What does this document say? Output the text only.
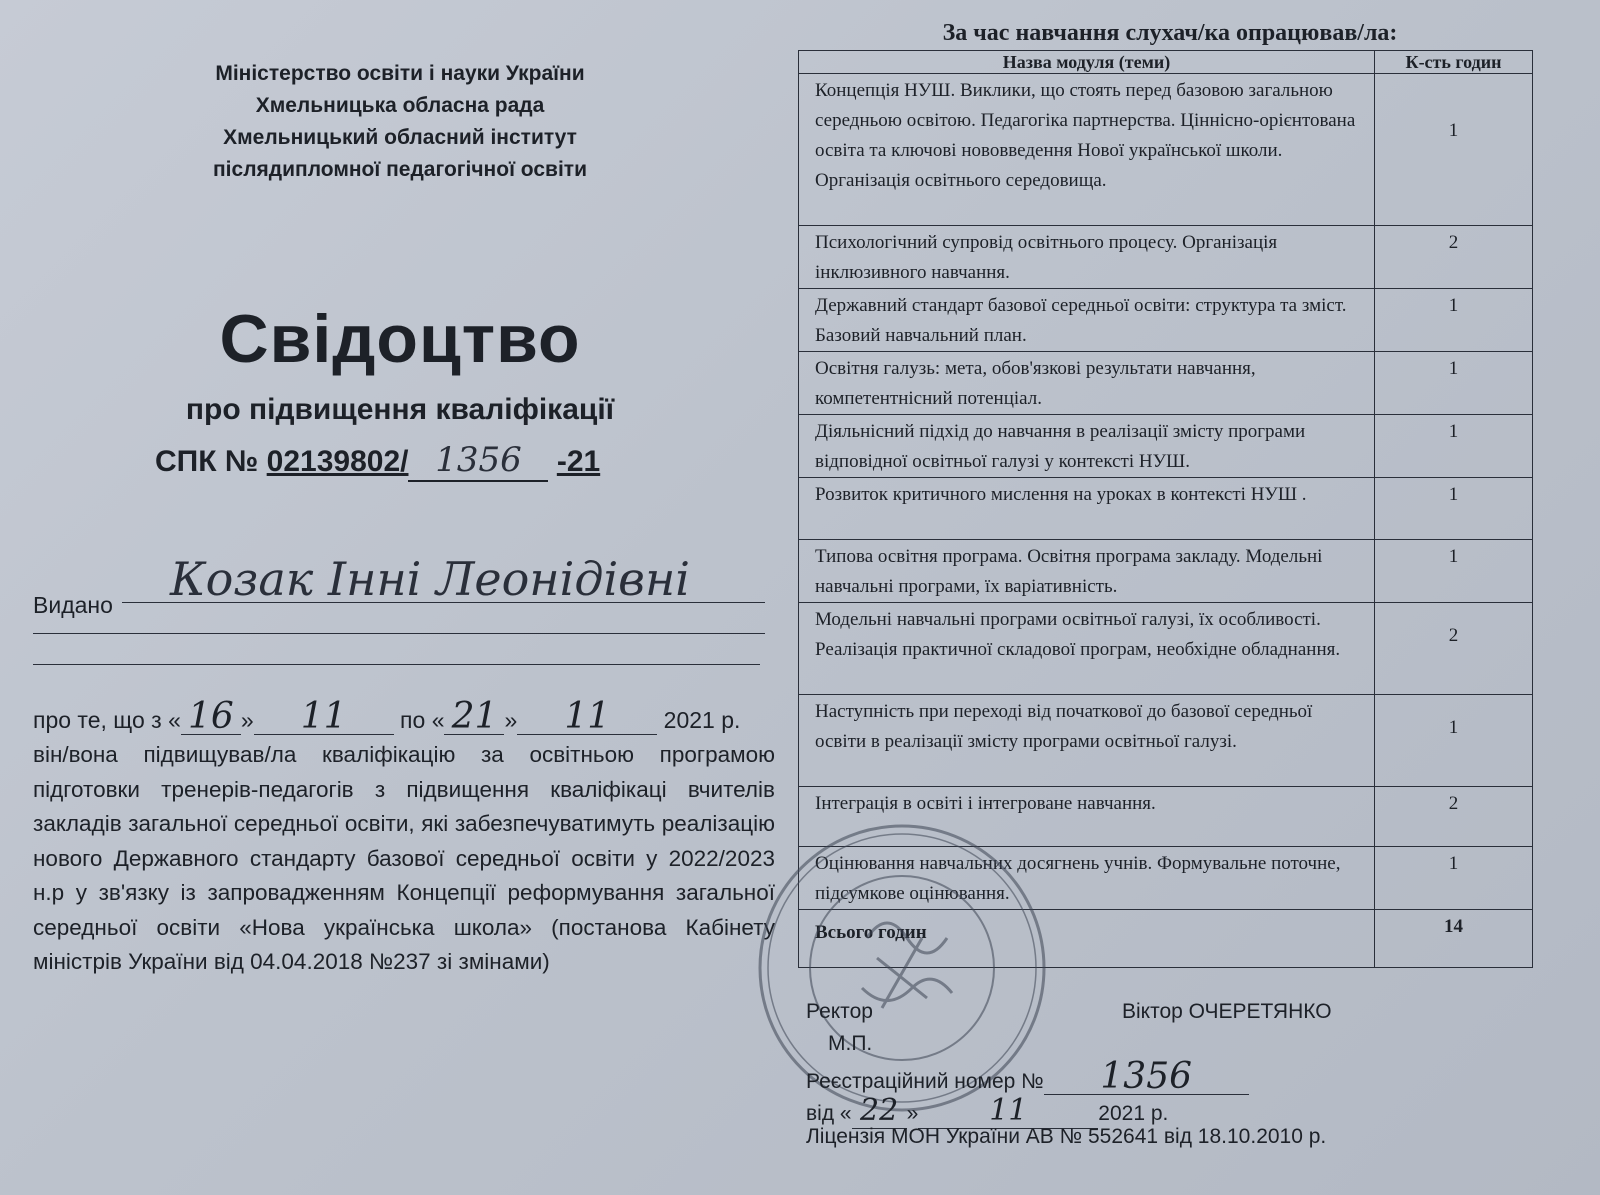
Міністерство освіти і науки України
Хмельницька обласна рада
Хмельницький обласний інститут
післядипломної педагогічної освіти
Свідоцтво
про підвищення кваліфікації
СПК № 02139802/ 1356 -21
Видано Козак Інні Леонідівні
про те, що з « 16 » 11 по « 21 » 11 2021 р.
він/вона підвищував/ла кваліфікацію за освітньою програмою підготовки тренерів-педагогів з підвищення кваліфікаці вчителів закладів загальної середньої освіти, які забезпечуватимуть реалізацію нового Державного стандарту базової середньої освіти у 2022/2023 н.р у зв'язку із запровадженням Концепції реформування загальної середньої освіти «Нова українська школа» (постанова Кабінету міністрів України від 04.04.2018 №237 зі змінами)
За час навчання слухач/ка опрацював/ла:
Назва модуля (теми)	К-сть годин
Концепція НУШ. Виклики, що стоять перед базовою загальною середньою освітою. Педагогіка партнерства. Ціннісно-орієнтована освіта та ключові нововведення Нової української школи. Організація освітнього середовища.	1
Психологічний супровід освітнього процесу. Організація інклюзивного навчання.	2
Державний стандарт базової середньої освіти: структура та зміст. Базовий навчальний план.	1
Освітня галузь: мета, обов'язкові результати навчання, компетентнісний потенціал.	1
Діяльнісний підхід до навчання в реалізації змісту програми відповідної освітньої галузі у контексті НУШ.	1
Розвиток критичного мислення на уроках в контексті НУШ .	1
Типова освітня програма. Освітня програма закладу. Модельні навчальні програми, їх варіативність.	1
Модельні навчальні програми освітньої галузі, їх особливості. Реалізація практичної складової програм, необхідне обладнання.	2
Наступність при переході від початкової до базової середньої освіти в реалізації змісту програми освітньої галузі.	1
Інтеграція в освіті і інтегроване навчання.	2
Оцінювання навчальних досягнень учнів. Формувальне поточне, підсумкове оцінювання.	1
Всього годин	14
Ректор	Віктор ОЧЕРЕТЯНКО
М.П.
Реєстраційний номер № 1356
від « 22 » 11	2021 р.
Ліцензія МОН України АВ № 552641 від 18.10.2010 р.
